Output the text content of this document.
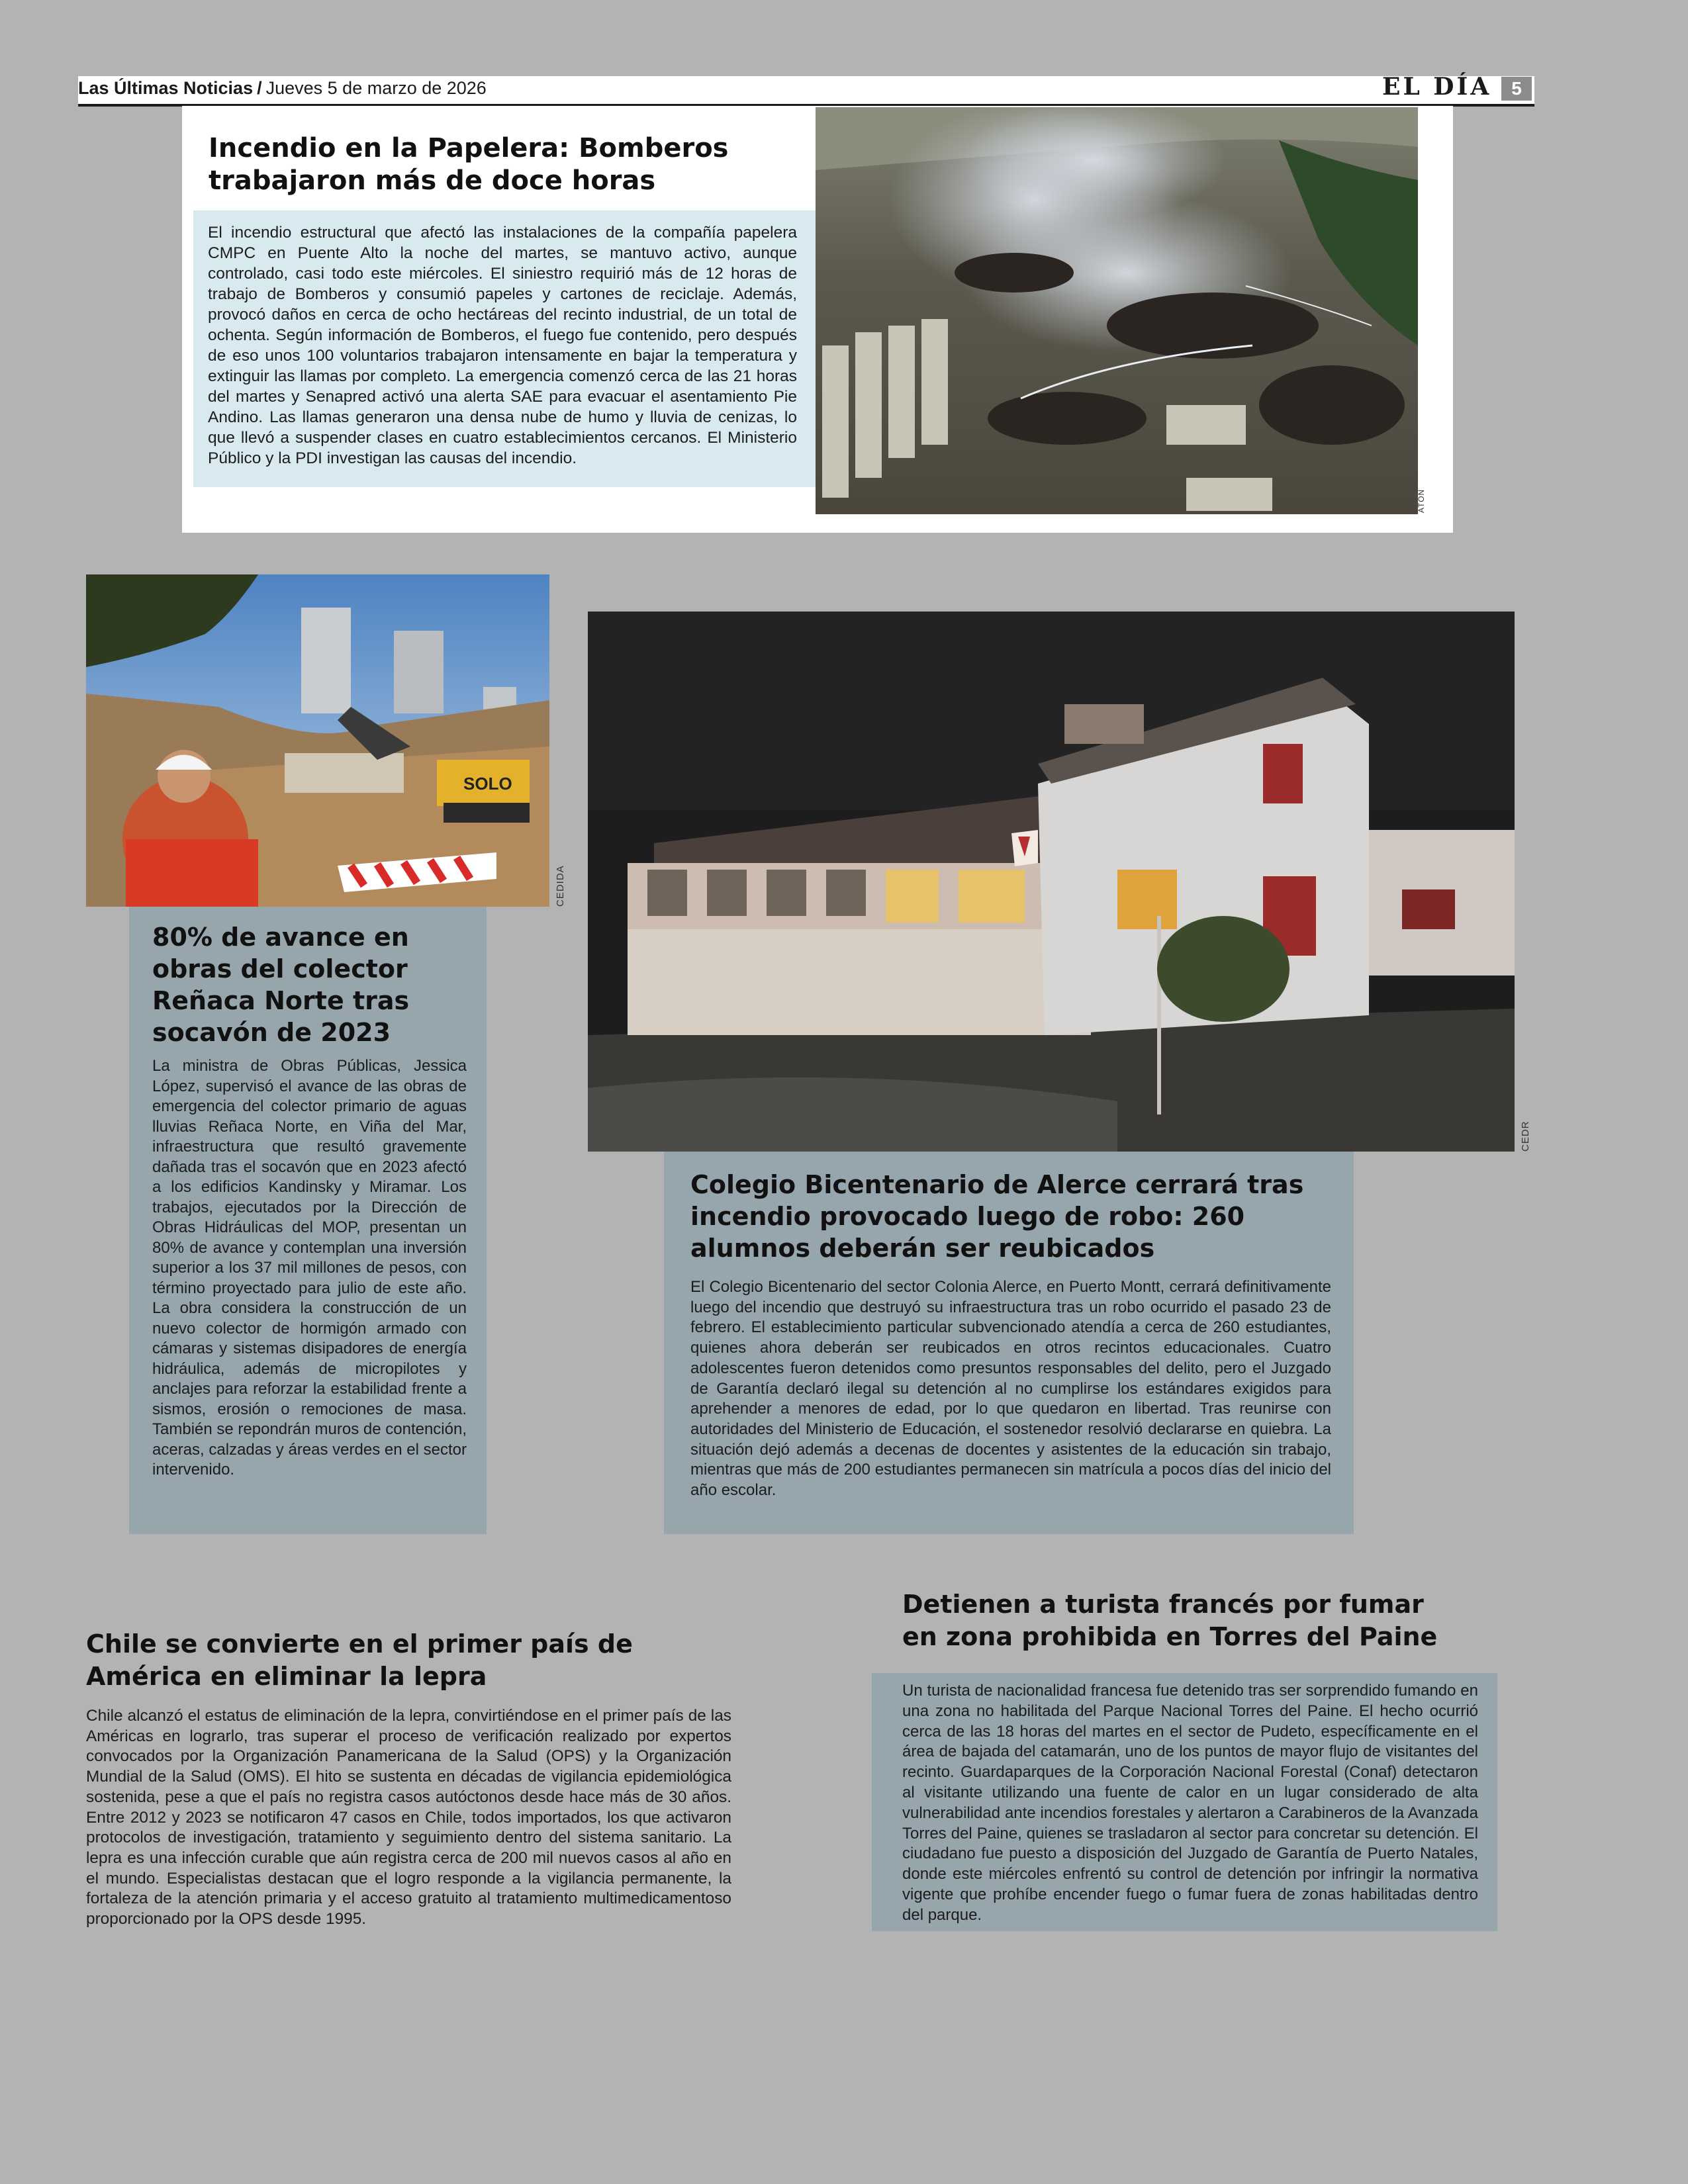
Las Últimas Noticias / Jueves 5 de marzo de 2026	EL DÍA	5
Incendio en la Papelera: Bomberos trabajaron más de doce horas

El incendio estructural que afectó las instalaciones de la compañía papelera CMPC en Puente Alto la noche del martes, se mantuvo activo, aunque controlado, casi todo este miércoles. El siniestro requirió más de 12 horas de trabajo de Bomberos y consumió papeles y cartones de reciclaje. Además, provocó daños en cerca de ocho hectáreas del recinto industrial, de un total de ochenta. Según información de Bomberos, el fuego fue contenido, pero después de eso unos 100 voluntarios trabajaron intensamente en bajar la temperatura y extinguir las llamas por completo. La emergencia comenzó cerca de las 21 horas del martes y Senapred activó una alerta SAE para evacuar el asentamiento Pie Andino. Las llamas generaron una densa nube de humo y lluvia de cenizas, lo que llevó a suspender clases en cuatro establecimientos cercanos. El Ministerio Público y la PDI investigan las causas del incendio.

ATON
SOLO
CEDIDA
80% de avance en obras del colector Reñaca Norte tras socavón de 2023

La ministra de Obras Públicas, Jessica López, supervisó el avance de las obras de emergencia del colector primario de aguas lluvias Reñaca Norte, en Viña del Mar, infraestructura que resultó gravemente dañada tras el socavón que en 2023 afectó a los edificios Kandinsky y Miramar. Los trabajos, ejecutados por la Dirección de Obras Hidráulicas del MOP, presentan un 80% de avance y contemplan una inversión superior a los 37 mil millones de pesos, con término proyectado para julio de este año. La obra considera la construcción de un nuevo colector de hormigón armado con cámaras y sistemas disipadores de energía hidráulica, además de micropilotes y anclajes para reforzar la estabilidad frente a sismos, erosión o remociones de masa. También se repondrán muros de contención, aceras, calzadas y áreas verdes en el sector intervenido.

CEDR
Colegio Bicentenario de Alerce cerrará tras incendio provocado luego de robo: 260 alumnos deberán ser reubicados

El Colegio Bicentenario del sector Colonia Alerce, en Puerto Montt, cerrará definitivamente luego del incendio que destruyó su infraestructura tras un robo ocurrido el pasado 23 de febrero. El establecimiento particular subvencionado atendía a cerca de 260 estudiantes, quienes ahora deberán ser reubicados en otros recintos educacionales. Cuatro adolescentes fueron detenidos como presuntos responsables del delito, pero el Juzgado de Garantía declaró ilegal su detención al no cumplirse los estándares exigidos para aprehender a menores de edad, por lo que quedaron en libertad. Tras reunirse con autoridades del Ministerio de Educación, el sostenedor resolvió declararse en quiebra. La situación dejó además a decenas de docentes y asistentes de la educación sin trabajo, mientras que más de 200 estudiantes permanecen sin matrícula a pocos días del inicio del año escolar.

Chile se convierte en el primer país de América en eliminar la lepra

Chile alcanzó el estatus de eliminación de la lepra, convirtiéndose en el primer país de las Américas en lograrlo, tras superar el proceso de verificación realizado por expertos convocados por la Organización Panamericana de la Salud (OPS) y la Organización Mundial de la Salud (OMS). El hito se sustenta en décadas de vigilancia epidemiológica sostenida, pese a que el país no registra casos autóctonos desde hace más de 30 años. Entre 2012 y 2023 se notificaron 47 casos en Chile, todos importados, los que activaron protocolos de investigación, tratamiento y seguimiento dentro del sistema sanitario. La lepra es una infección curable que aún registra cerca de 200 mil nuevos casos al año en el mundo. Especialistas destacan que el logro responde a la vigilancia permanente, la fortaleza de la atención primaria y el acceso gratuito al tratamiento multimedicamentoso proporcionado por la OPS desde 1995.

Detienen a turista francés por fumar en zona prohibida en Torres del Paine

Un turista de nacionalidad francesa fue detenido tras ser sorprendido fumando en una zona no habilitada del Parque Nacional Torres del Paine. El hecho ocurrió cerca de las 18 horas del martes en el sector de Pudeto, específicamente en el área de bajada del catamarán, uno de los puntos de mayor flujo de visitantes del recinto. Guardaparques de la Corporación Nacional Forestal (Conaf) detectaron al visitante utilizando una fuente de calor en un lugar considerado de alta vulnerabilidad ante incendios forestales y alertaron a Carabineros de la Avanzada Torres del Paine, quienes se trasladaron al sector para concretar su detención. El ciudadano fue puesto a disposición del Juzgado de Garantía de Puerto Natales, donde este miércoles enfrentó su control de detención por infringir la normativa vigente que prohíbe encender fuego o fumar fuera de zonas habilitadas dentro del parque.
